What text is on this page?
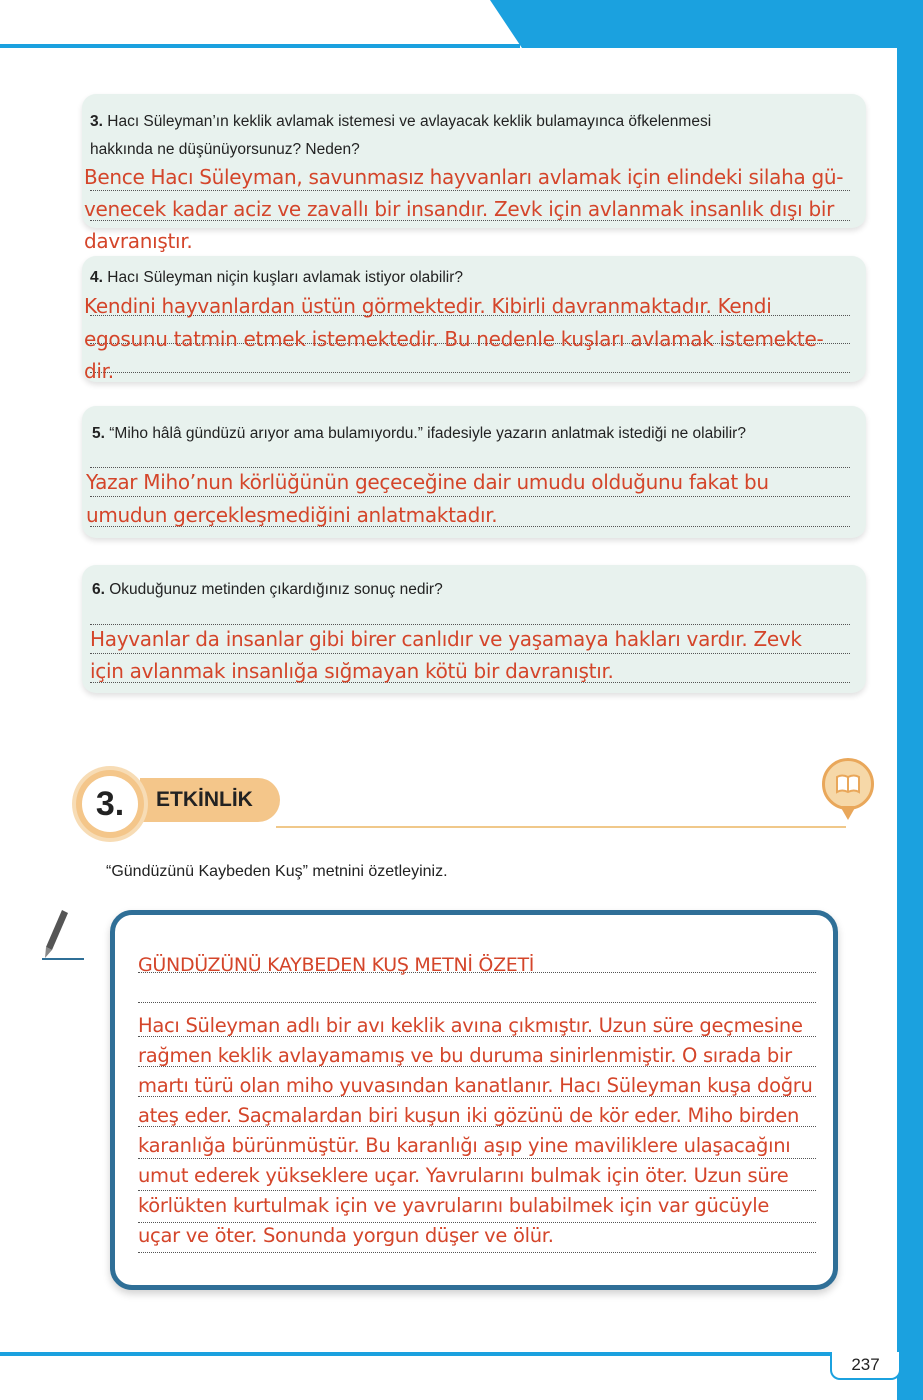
237
3. Hacı Süleyman’ın keklik avlamak istemesi ve avlayacak keklik bulamayınca öfkelenmesi
hakkında ne düşünüyorsunuz? Neden?
Bence Hacı Süleyman, savunmasız hayvanları avlamak için elindeki silaha gü-
venecek kadar aciz ve zavallı bir insandır. Zevk için avlanmak insanlık dışı bir
davranıştır.
4. Hacı Süleyman niçin kuşları avlamak istiyor olabilir?
Kendini hayvanlardan üstün görmektedir. Kibirli davranmaktadır. Kendi
egosunu tatmin etmek istemektedir. Bu nedenle kuşları avlamak istemekte-
dir.
5. “Miho hâlâ gündüzü arıyor ama bulamıyordu.” ifadesiyle yazarın anlatmak istediği ne olabilir?
Yazar Miho’nun körlüğünün geçeceğine dair umudu olduğunu fakat bu
umudun gerçekleşmediğini anlatmaktadır.
6. Okuduğunuz metinden çıkardığınız sonuç nedir?
Hayvanlar da insanlar gibi birer canlıdır ve yaşamaya hakları vardır. Zevk
için avlanmak insanlığa sığmayan kötü bir davranıştır.
ETKİNLİK
3.
“Gündüzünü Kaybeden Kuş” metnini özetleyiniz.
GÜNDÜZÜNÜ KAYBEDEN KUŞ METNİ ÖZETİ
Hacı Süleyman adlı bir avı keklik avına çıkmıştır. Uzun süre geçmesine
rağmen keklik avlayamamış ve bu duruma sinirlenmiştir. O sırada bir
martı türü olan miho yuvasından kanatlanır. Hacı Süleyman kuşa doğru
ateş eder. Saçmalardan biri kuşun iki gözünü de kör eder. Miho birden
karanlığa bürünmüştür. Bu karanlığı aşıp yine maviliklere ulaşacağını
umut ederek yükseklere uçar. Yavrularını bulmak için öter. Uzun süre
körlükten kurtulmak için ve yavrularını bulabilmek için var gücüyle
uçar ve öter. Sonunda yorgun düşer ve ölür.
